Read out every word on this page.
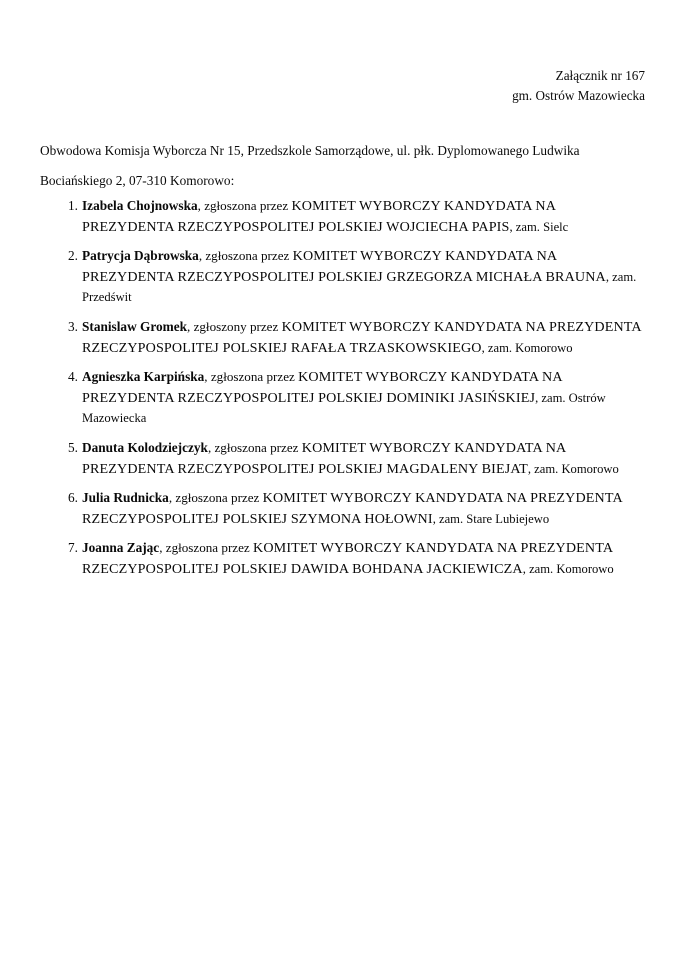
Załącznik nr 167
gm. Ostrów Mazowiecka

Obwodowa Komisja Wyborcza Nr 15, Przedszkole Samorządowe, ul. płk. Dyplomowanego Ludwika Bociańskiego 2, 07-310 Komorowo:

1. Izabela Chojnowska, zgłoszona przez KOMITET WYBORCZY KANDYDATA NA PREZYDENTA RZECZYPOSPOLITEJ POLSKIEJ WOJCIECHA PAPIS, zam. Sielc
2. Patrycja Dąbrowska, zgłoszona przez KOMITET WYBORCZY KANDYDATA NA PREZYDENTA RZECZYPOSPOLITEJ POLSKIEJ GRZEGORZA MICHAŁA BRAUNA, zam. Przedświt
3. Stanislaw Gromek, zgłoszony przez KOMITET WYBORCZY KANDYDATA NA PREZYDENTA RZECZYPOSPOLITEJ POLSKIEJ RAFAŁA TRZASKOWSKIEGO, zam. Komorowo
4. Agnieszka Karpińska, zgłoszona przez KOMITET WYBORCZY KANDYDATA NA PREZYDENTA RZECZYPOSPOLITEJ POLSKIEJ DOMINIKI JASIŃSKIEJ, zam. Ostrów Mazowiecka
5. Danuta Kolodziejczyk, zgłoszona przez KOMITET WYBORCZY KANDYDATA NA PREZYDENTA RZECZYPOSPOLITEJ POLSKIEJ MAGDALENY BIEJAT, zam. Komorowo
6. Julia Rudnicka, zgłoszona przez KOMITET WYBORCZY KANDYDATA NA PREZYDENTA RZECZYPOSPOLITEJ POLSKIEJ SZYMONA HOŁOWNI, zam. Stare Lubiejewo
7. Joanna Zając, zgłoszona przez KOMITET WYBORCZY KANDYDATA NA PREZYDENTA RZECZYPOSPOLITEJ POLSKIEJ DAWIDA BOHDANA JACKIEWICZA, zam. Komorowo
